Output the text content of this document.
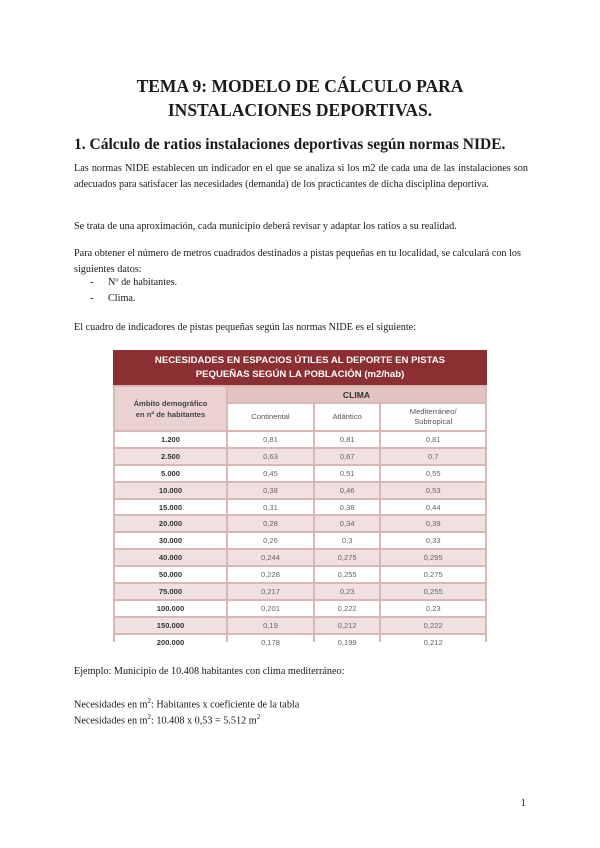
TEMA 9: MODELO DE CÁLCULO PARA
INSTALACIONES DEPORTIVAS.
1. Cálculo de ratios instalaciones deportivas según normas NIDE.

Las normas NIDE establecen un indicador en el que se analiza si los m2 de cada una de las instalaciones son adecuados para satisfacer las necesidades (demanda) de los practicantes de dicha disciplina deportiva.

Se trata de una aproximación, cada municipio deberá revisar y adaptar los ratios a su realidad.

Para obtener el número de metros cuadrados destinados a pistas pequeñas en tu localidad, se calculará con los siguientes datos:

- Nº de habitantes.
- Clima.

El cuadro de indicadores de pistas pequeñas según las normas NIDE es el siguiente:

NECESIDADES EN ESPACIOS ÚTILES AL DEPORTE EN PISTAS
PEQUEÑAS SEGÚN LA POBLACIÓN (m2/hab)
Ámbito demográfico
en nº de habitantes	CLIMA		
	Continental	Atlántico	Mediterráneo/
Subtropical
1.200	0,81	0,81	0,81
2.500	0,63	0,67	0,7
5.000	0,45	0,51	0,55
10.000	0,38	0,46	0,53
15.000	0,31	0,38	0,44
20.000	0,28	0,34	0,39
30.000	0,26	0,3	0,33
40.000	0,244	0,275	0,295
50.000	0,228	0,255	0,275
75.000	0,217	0,23	0,255
100.000	0,201	0,222	0,23
150.000	0,19	0,212	0,222
200.000	0,178	0,199	0,212

Ejemplo: Municipio de 10.408 habitantes con clima mediterráneo:

Necesidades en $m^2$: Habitantes x coeficiente de la tabla

Necesidades en $m^2$: 10.408 x 0,53 = 5.512 $m^2$

1
